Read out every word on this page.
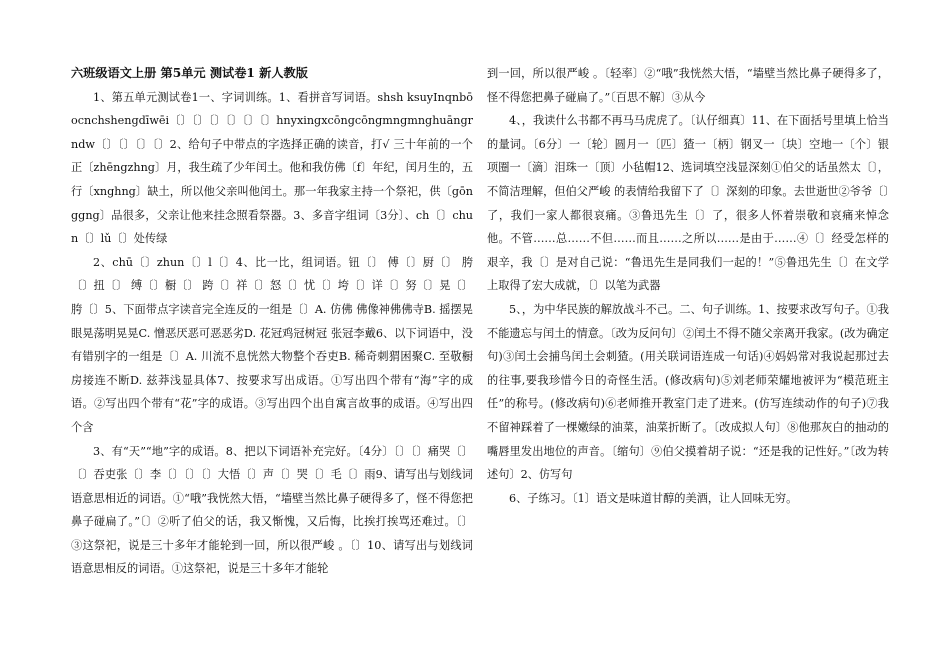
六班级语文上册 第5单元 测试卷1 新人教版

1、第五单元测试卷1一、字词训练。1、看拼音写词语。shsh ksuyInqnbōocnchshengdīwēi〔〕〔〕〔〕〔〕〔〕〔〕hnyxingxcōngcōngmngmnghuāngrndw〔〕〔〕〔〕〔〕2、给句子中带点的字选择正确的读音，打√ 三十年前的一个正〔zhēngzhng〕月，我生疏了少年闰土。他和我仿佛〔f〕年纪，闰月生的，五行〔xnghng〕缺土，所以他父亲叫他闰土。那一年我家主持一个祭祀，供〔gōnggng〕品很多，父亲让他来挂念照看祭器。3、多音字组词〔3分〕、ch〔〕chun〔〕lǔ〔〕处传绿

2、chū〔〕zhun〔〕l〔〕4、比一比，组词语。钮〔〕 傅〔〕厨〔〕 胯〔〕扭〔〕 缚〔〕橱〔〕 跨〔〕祥〔〕怒〔〕忧〔〕垮〔〕详〔〕努〔〕晃〔〕胯〔〕5、下面带点字读音完全连反的一组是〔〕A. 仿佛 佛像神佛佛寺B. 摇摆晃眼晃荡明晃晃C. 憎恶厌恶可恶恶劣D. 花冠鸡冠树冠 张冠李戴6、以下词语中，没有错别字的一组是〔〕A. 川流不息恍然大物整个吞吏B. 稀奇刺猬困聚C. 至敬橱房接连不断D. 兹莽浅显具体7、按要求写出成语。①写出四个带有“海”字的成语。②写出四个带有“花”字的成语。③写出四个出自寓言故事的成语。④写出四个含

3、有“天”“地”字的成语。8、把以下词语补充完好。〔4分〕〔〕〔〕痛哭〔〕〔〕吞吏张〔〕李〔〕〔〕〔〕大悟〔〕声〔〕哭〔〕毛〔〕雨9、请写出与划线词语意思相近的词语。①“哦”我恍然大悟，“墙壁当然比鼻子硬得多了，怪不得您把鼻子碰扁了。”〔〕②听了伯父的话，我又惭愧，又后悔，比挨打挨骂还难过。〔〕③这祭祀，说是三十多年才能轮到一回，所以很严峻 。〔〕10、请写出与划线词语意思相反的词语。①这祭祀，说是三十多年才能轮

到一回，所以很严峻 。〔轻率〕②“哦”我恍然大悟，“墙壁当然比鼻子硬得多了，怪不得您把鼻子碰扁了。”〔百思不解〕③从今

4、，我读什么书都不再马马虎虎了。〔认仔细真〕11、在下面括号里填上恰当的量词。〔6分〕一〔轮〕圆月一〔匹〕猹一〔柄〕钢叉一〔块〕空地一〔个〕银项圈一〔滴〕泪珠一〔顶〕小毡帽12、选词填空浅显深刻①伯父的话虽然太〔〕，不简洁理解，但伯父严峻 的表情给我留下了〔〕深刻的印象。去世逝世②爷爷〔〕了，我们一家人都很哀痛。③鲁迅先生〔〕了，很多人怀着崇敬和哀痛来悼念他。不管……总……不但……而且……之所以……是由于……④〔〕经受怎样的艰辛，我〔〕是对自己说：“鲁迅先生是同我们一起的！”⑤鲁迅先生〔〕在文学上取得了宏大成就，〔〕以笔为武器

5、，为中华民族的解放战斗不己。二、句子训练。1、按要求改写句子。①我不能遗忘与闰土的情意。〔改为反问句〕②闰土不得不随父亲离开我家。(改为确定句)③闰土会捕鸟闰土会刺猹。(用关联词语连成一句话)④妈妈常对我说起那过去的往事,要我珍惜今日的奇怪生活。(修改病句)⑤刘老师荣耀地被评为“模范班主任”的称号。(修改病句)⑥老师推开教室门走了进来。(仿写连续动作的句子)⑦我不留神踩着了一棵嫩绿的油菜，油菜折断了。〔改成拟人句〕⑧他那灰白的抽动的嘴唇里发出地位的声音。〔缩句〕⑨伯父摸着胡子说：“还是我的记性好。”〔改为转述句〕2、仿写句

6、子练习。〔1〕语文是味道甘醇的美酒，让人回味无穷。
